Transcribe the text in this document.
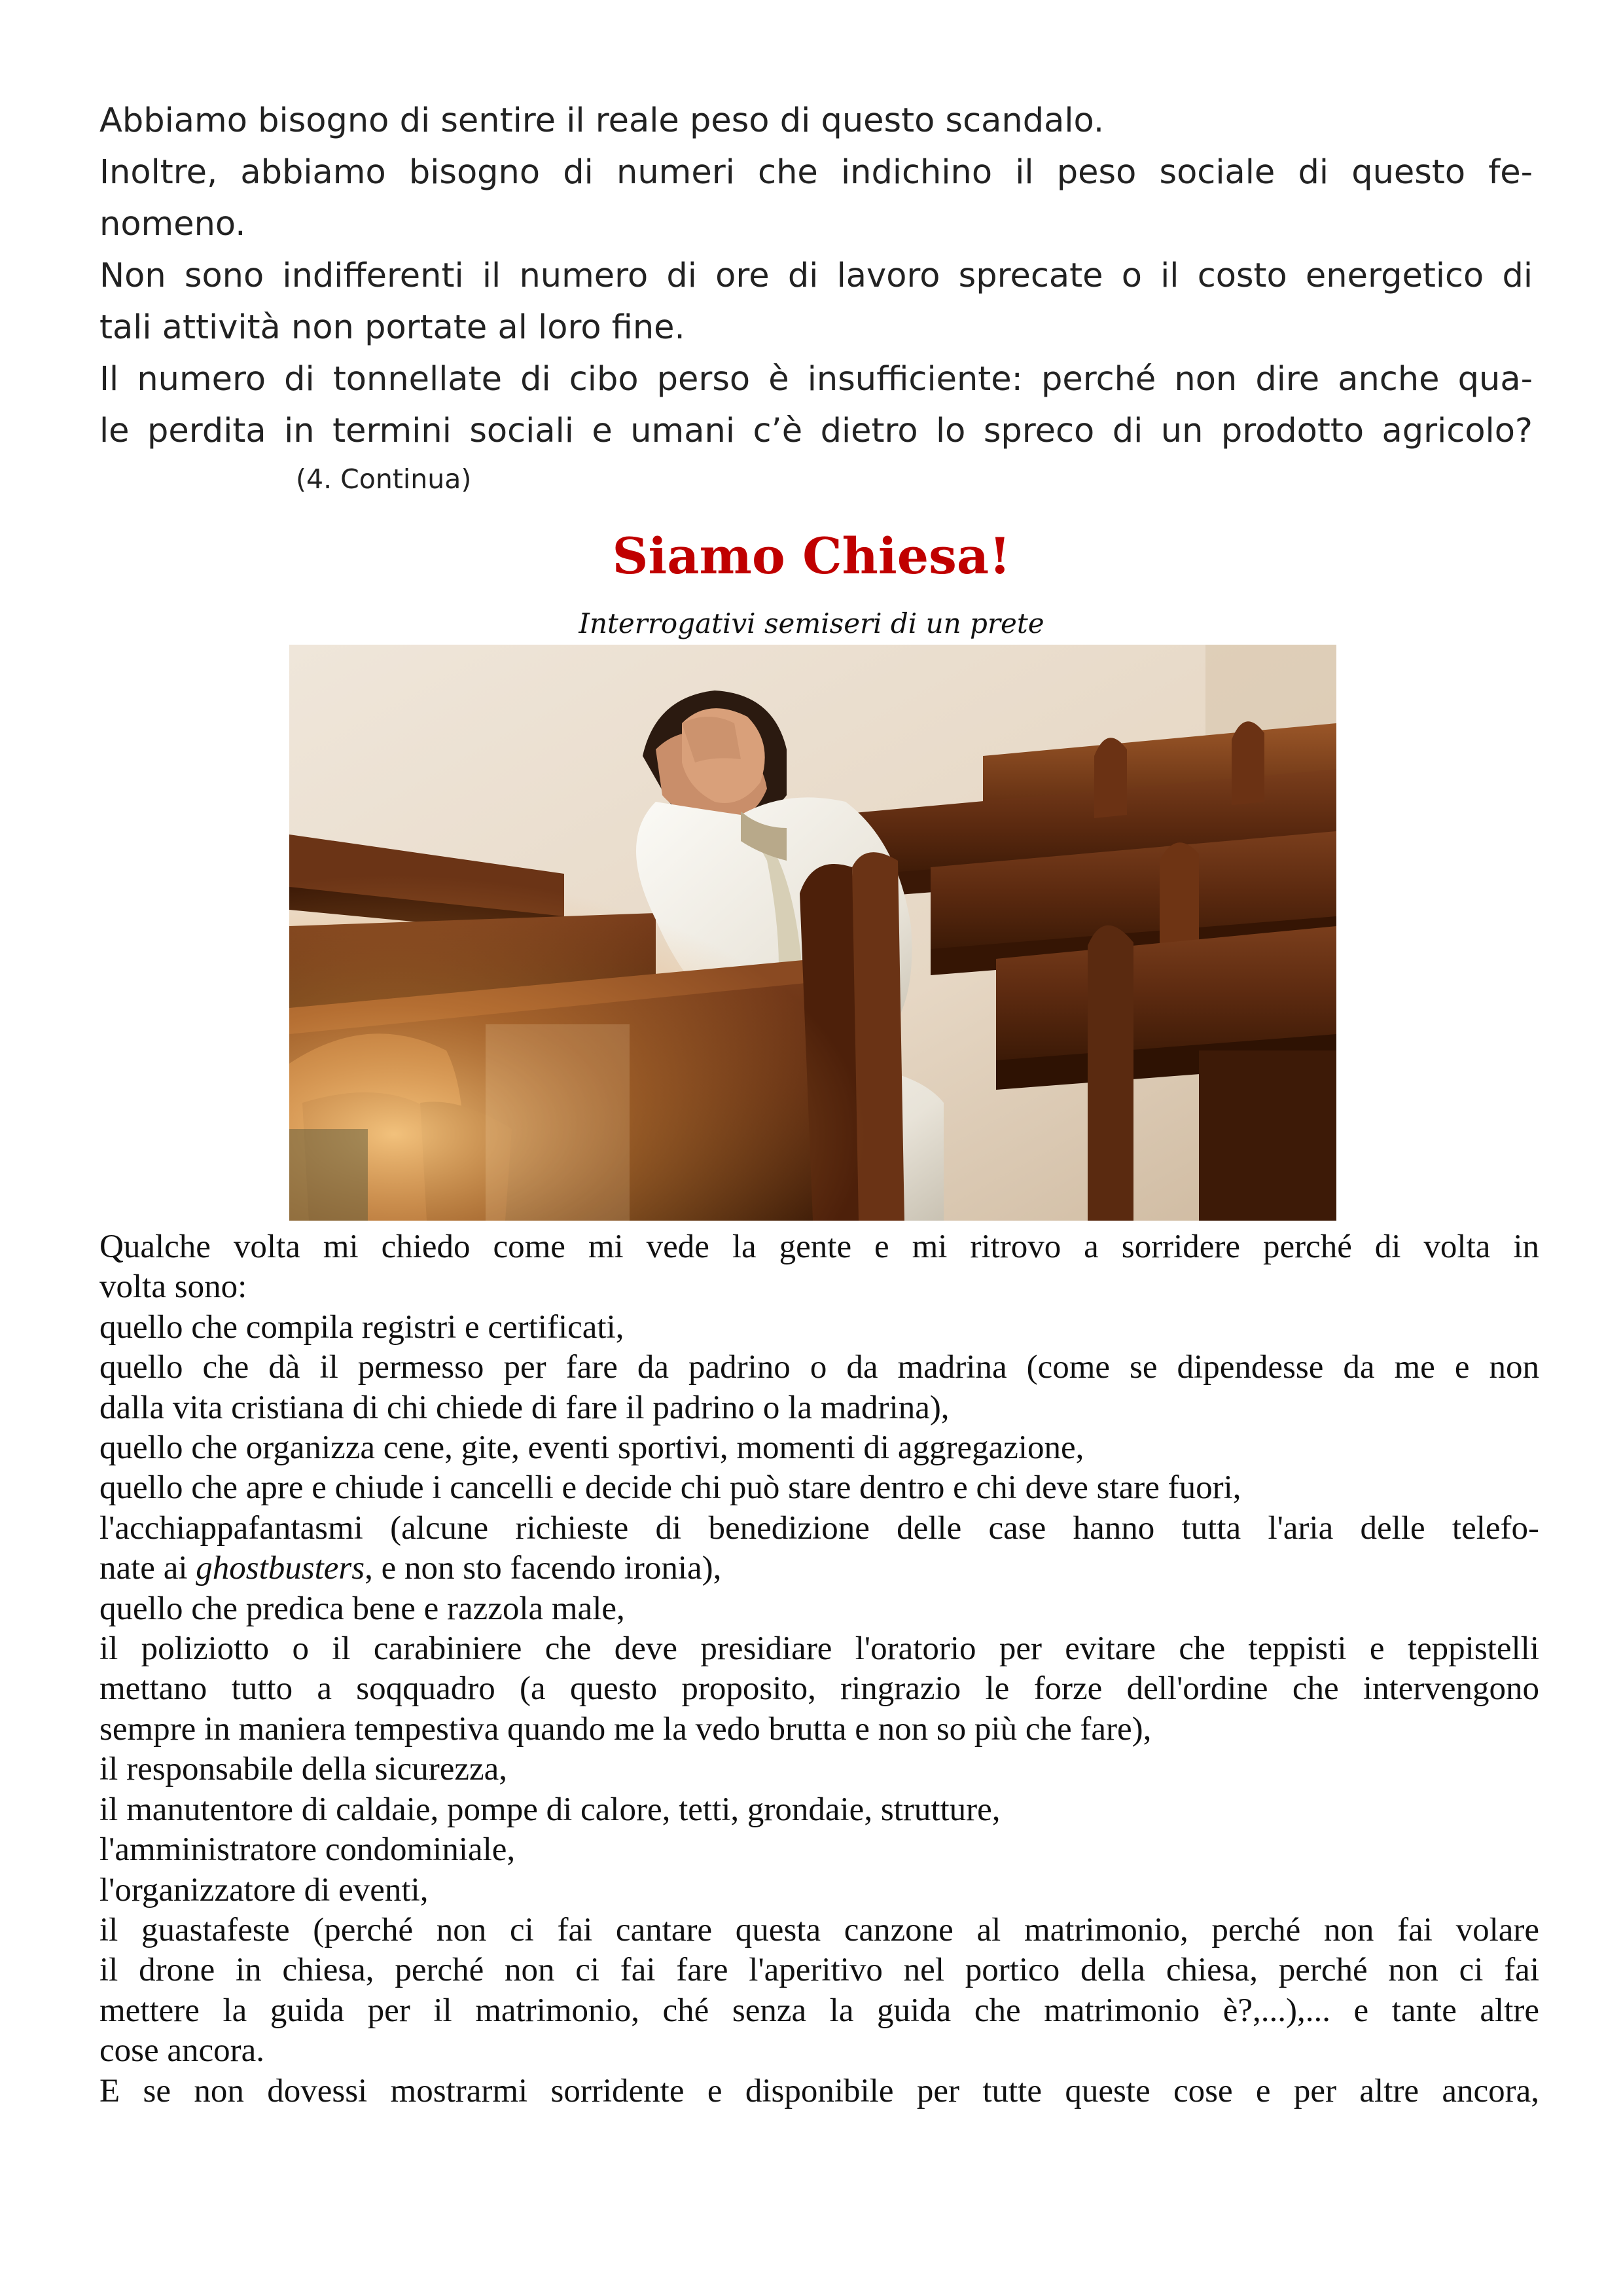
Abbiamo bisogno di sentire il reale peso di questo scandalo.
Inoltre, abbiamo bisogno di numeri che indichino il peso sociale di questo fe-
nomeno.
Non sono indifferenti il numero di ore di lavoro sprecate o il costo energetico di
tali attività non portate al loro fine.
Il numero di tonnellate di cibo perso è insufficiente: perché non dire anche qua-
le perdita in termini sociali e umani c’è dietro lo spreco di un prodotto agricolo?
(4. Continua)
Siamo Chiesa!
Interrogativi semiseri di un prete
Qualche volta mi chiedo come mi vede la gente e mi ritrovo a sorridere perché di volta in
volta sono:
quello che compila registri e certificati,
quello che dà il permesso per fare da padrino o da madrina (come se dipendesse da me e non
dalla vita cristiana di chi chiede di fare il padrino o la madrina),
quello che organizza cene, gite, eventi sportivi, momenti di aggregazione,
quello che apre e chiude i cancelli e decide chi può stare dentro e chi deve stare fuori,
l'acchiappafantasmi (alcune richieste di benedizione delle case hanno tutta l'aria delle telefo-
nate ai ghostbusters, e non sto facendo ironia),
quello che predica bene e razzola male,
il poliziotto o il carabiniere che deve presidiare l'oratorio per evitare che teppisti e teppistelli
mettano tutto a soqquadro (a questo proposito, ringrazio le forze dell'ordine che intervengono
sempre in maniera tempestiva quando me la vedo brutta e non so più che fare),
il responsabile della sicurezza,
il manutentore di caldaie, pompe di calore, tetti, grondaie, strutture,
l'amministratore condominiale,
l'organizzatore di eventi,
il guastafeste (perché non ci fai cantare questa canzone al matrimonio, perché non fai volare
il drone in chiesa, perché non ci fai fare l'aperitivo nel portico della chiesa, perché non ci fai
mettere la guida per il matrimonio, ché senza la guida che matrimonio è?,...),... e tante altre
cose ancora.
E se non dovessi mostrarmi sorridente e disponibile per tutte queste cose e per altre ancora,
